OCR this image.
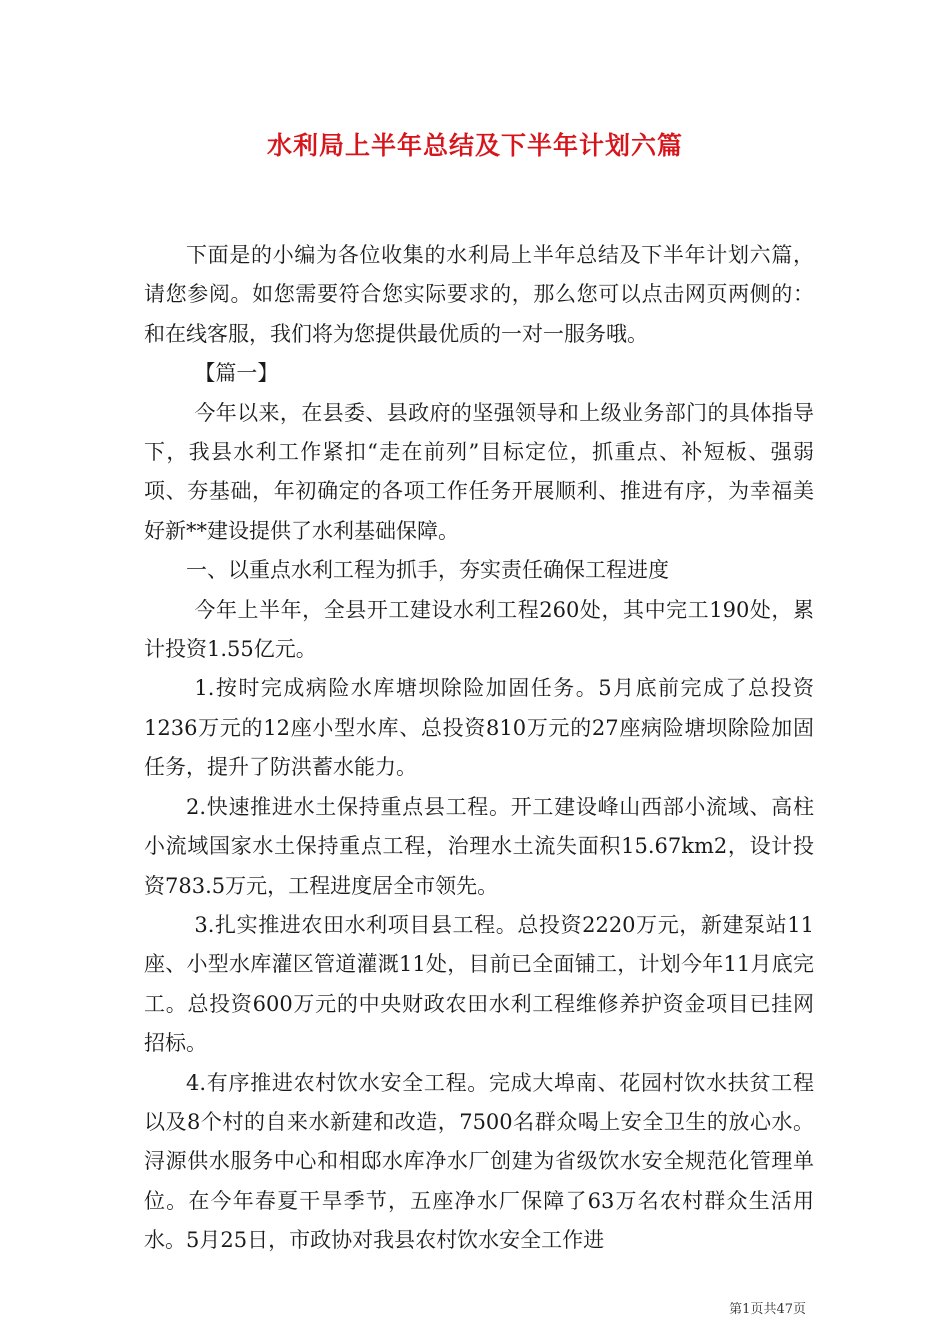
水利局上半年总结及下半年计划六篇

下面是的小编为各位收集的水利局上半年总结及下半年计划六篇，请您参阅。如您需要符合您实际要求的，那么您可以点击网页两侧的：和在线客服，我们将为您提供最优质的一对一服务哦。

【篇一】

今年以来，在县委、县政府的坚强领导和上级业务部门的具体指导下，我县水利工作紧扣“走在前列”目标定位，抓重点、补短板、强弱项、夯基础，年初确定的各项工作任务开展顺利、推进有序，为幸福美好新**建设提供了水利基础保障。

一、以重点水利工程为抓手，夯实责任确保工程进度

今年上半年，全县开工建设水利工程260处，其中完工190处，累计投资1.55亿元。

1.按时完成病险水库塘坝除险加固任务。5月底前完成了总投资1236万元的12座小型水库、总投资810万元的27座病险塘坝除险加固任务，提升了防洪蓄水能力。

2.快速推进水土保持重点县工程。开工建设峰山西部小流域、高柱小流域国家水土保持重点工程，治理水土流失面积15.67km2，设计投资783.5万元，工程进度居全市领先。

3.扎实推进农田水利项目县工程。总投资2220万元，新建泵站11座、小型水库灌区管道灌溉11处，目前已全面铺工，计划今年11月底完工。总投资600万元的中央财政农田水利工程维修养护资金项目已挂网招标。

4.有序推进农村饮水安全工程。完成大埠南、花园村饮水扶贫工程以及8个村的自来水新建和改造，7500名群众喝上安全卫生的放心水。浔源供水服务中心和相邸水库净水厂创建为省级饮水安全规范化管理单位。在今年春夏干旱季节，五座净水厂保障了63万名农村群众生活用水。5月25日，市政协对我县农村饮水安全工作进

第1页共47页
